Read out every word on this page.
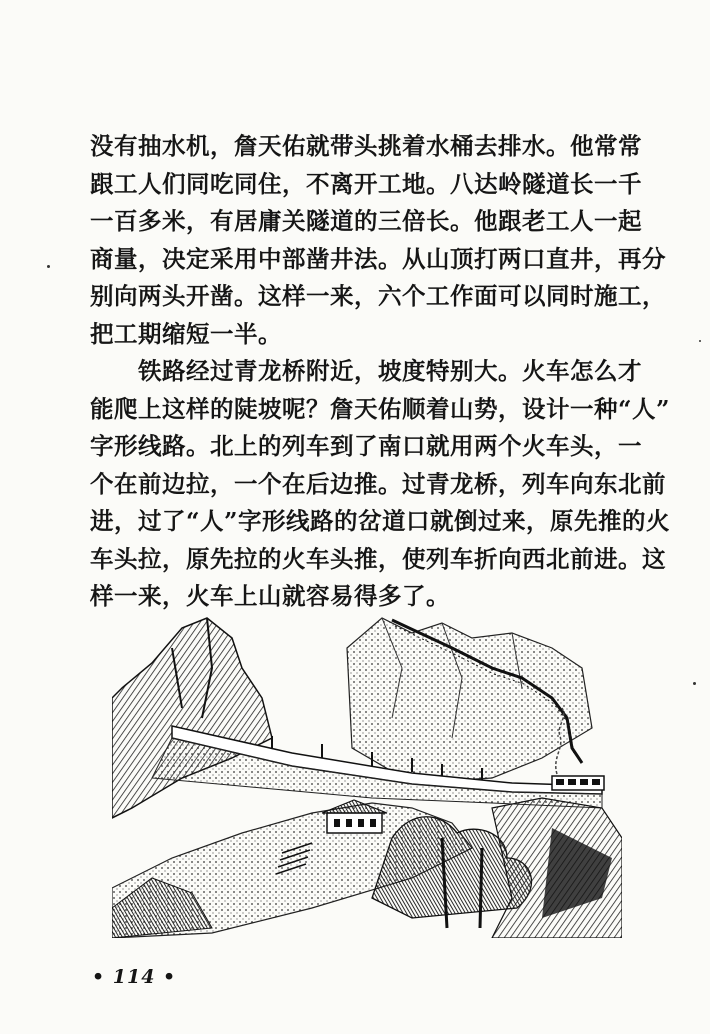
没有抽水机，詹天佑就带头挑着水桶去排水。他常常
跟工人们同吃同住，不离开工地。八达岭隧道长一千
一百多米，有居庸关隧道的三倍长。他跟老工人一起
商量，决定采用中部凿井法。从山顶打两口直井，再分
别向两头开凿。这样一来，六个工作面可以同时施工，
把工期缩短一半。
铁路经过青龙桥附近，坡度特别大。火车怎么才
能爬上这样的陡坡呢？詹天佑顺着山势，设计一种“人”
字形线路。北上的列车到了南口就用两个火车头，一
个在前边拉，一个在后边推。过青龙桥，列车向东北前
进，过了“人”字形线路的岔道口就倒过来，原先推的火
车头拉，原先拉的火车头推，使列车折向西北前进。这
样一来，火车上山就容易得多了。
• 114 •
